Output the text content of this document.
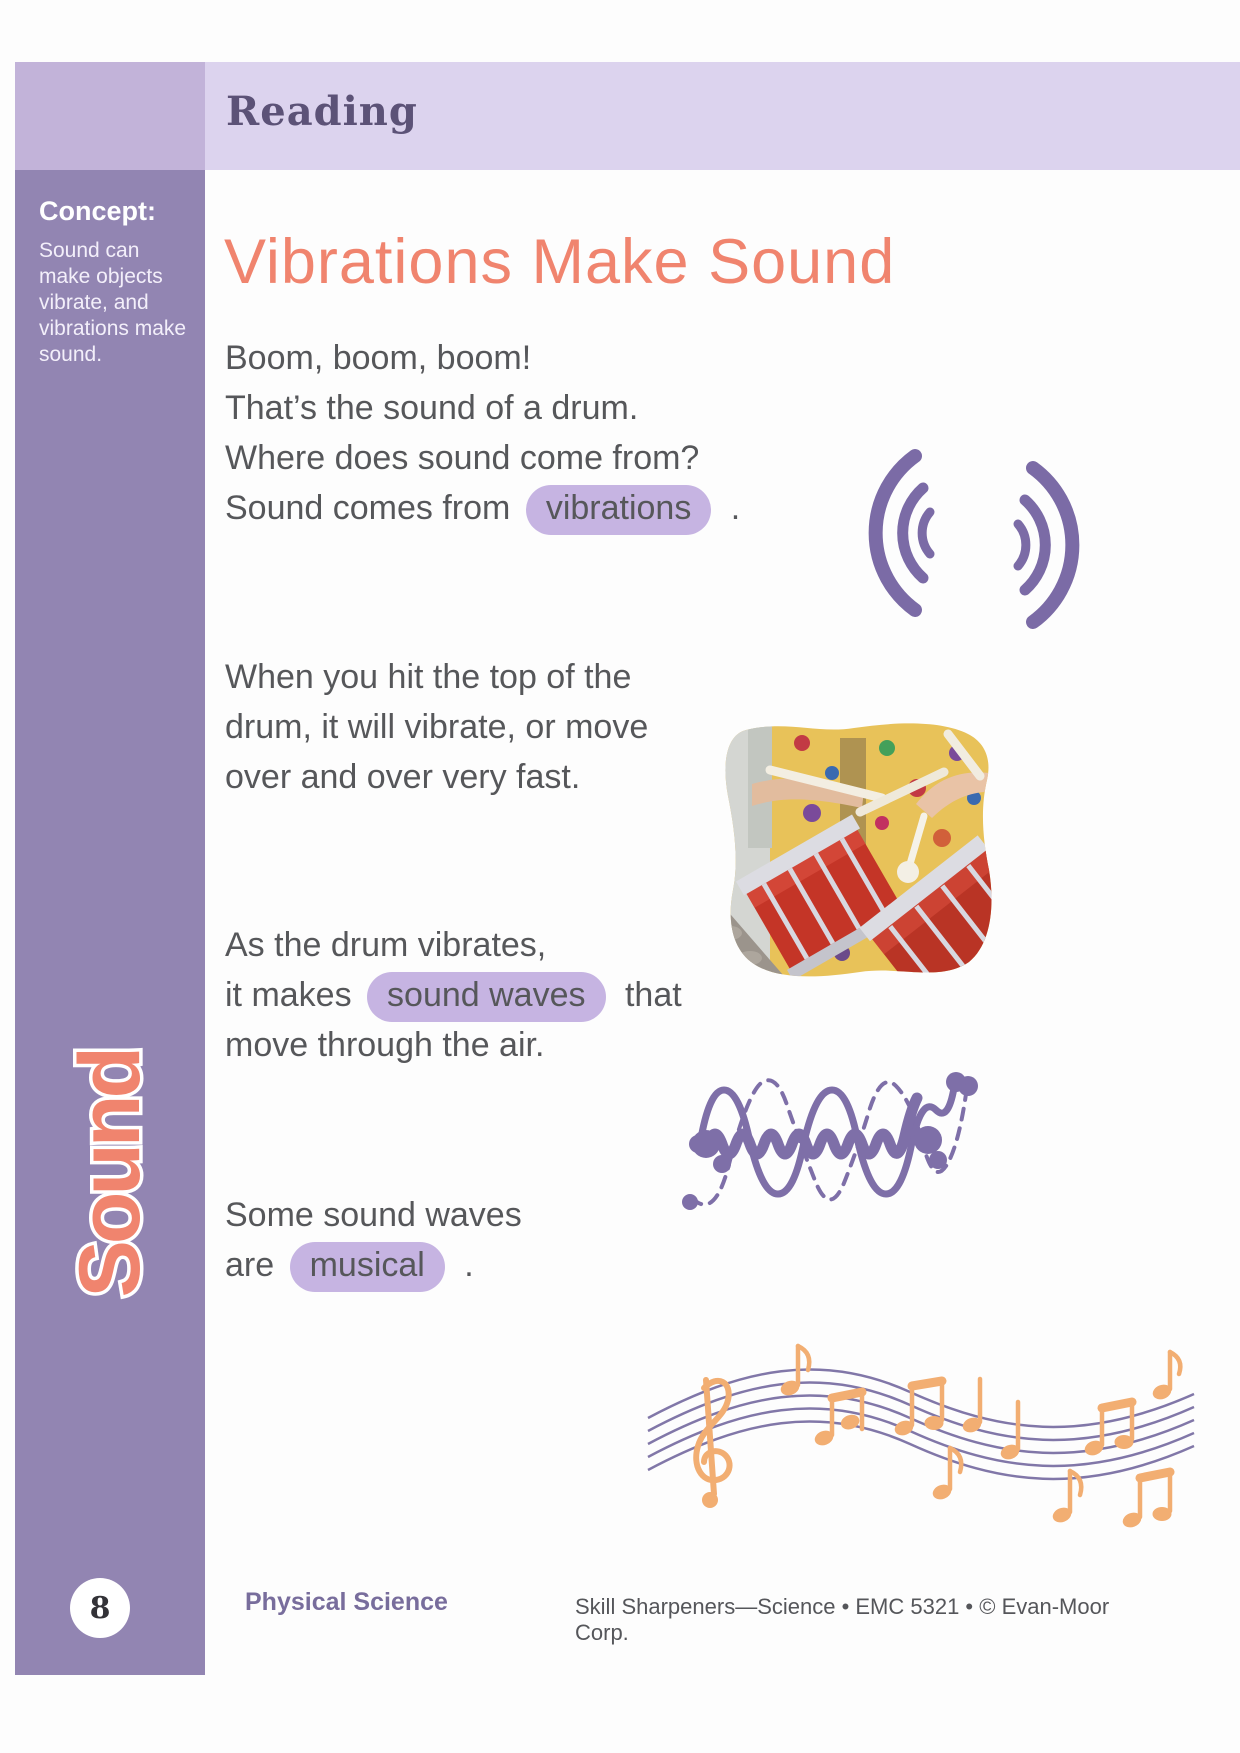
Reading
Concept:
Sound can make objects vibrate, and vibrations make sound.
Sound
8
Vibrations Make Sound
Boom, boom, boom!
That’s the sound of a drum.
Where does sound come from?
Sound comes from vibrations .
When you hit the top of the
drum, it will vibrate, or move
over and over very fast.
As the drum vibrates,
it makes sound waves that
move through the air.
Some sound waves
are musical .
Physical Science	Skill Sharpeners—Science • EMC 5321 • © Evan-Moor Corp.
